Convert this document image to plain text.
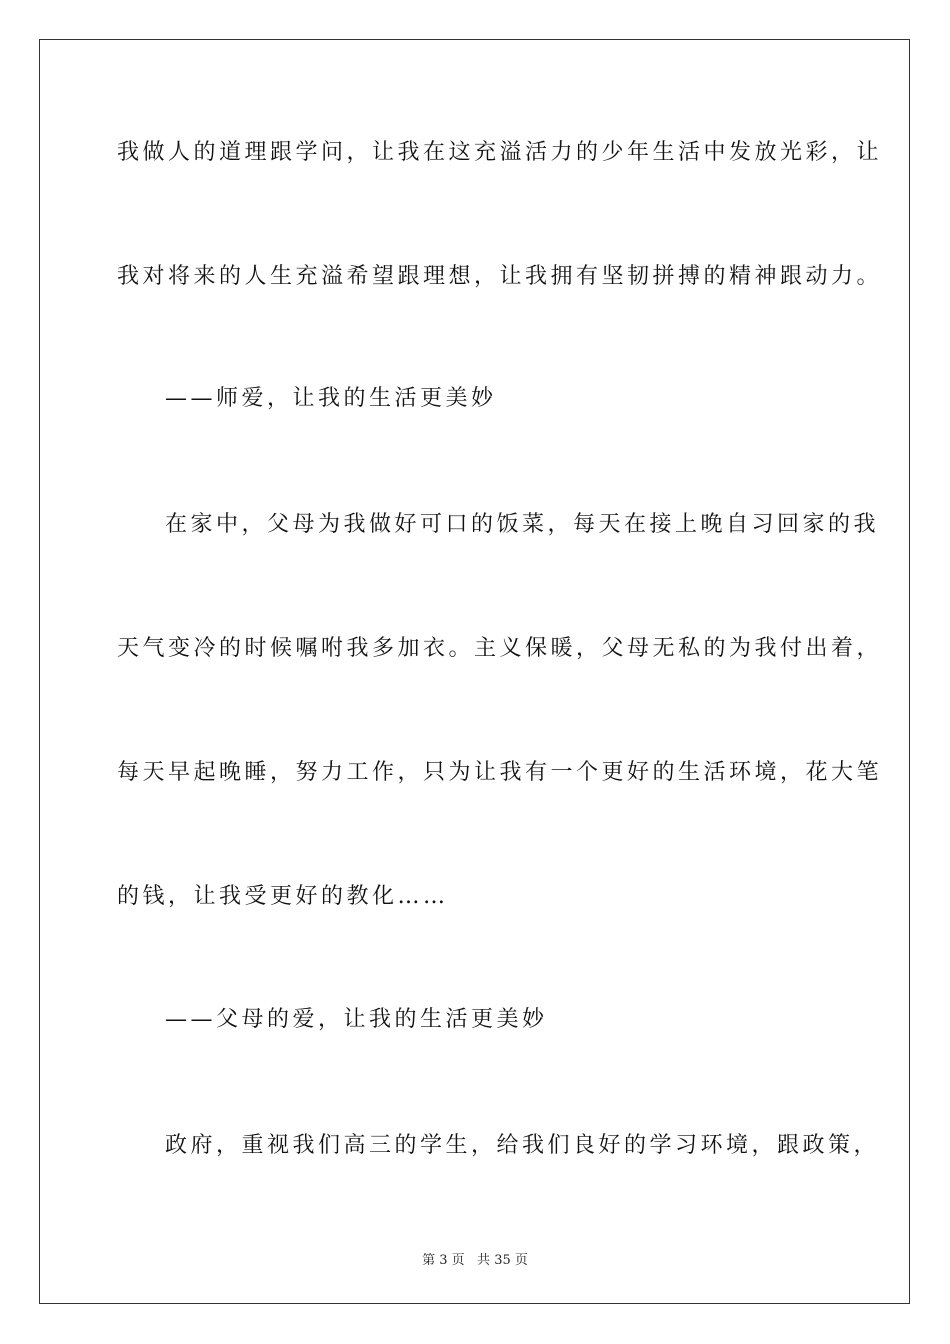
我做人的道理跟学问，让我在这充溢活力的少年生活中发放光彩，让
我对将来的人生充溢希望跟理想，让我拥有坚韧拼搏的精神跟动力。
——师爱，让我的生活更美妙
在家中，父母为我做好可口的饭菜，每天在接上晚自习回家的我
天气变冷的时候嘱咐我多加衣。主义保暖，父母无私的为我付出着，
每天早起晚睡，努力工作，只为让我有一个更好的生活环境，花大笔
的钱，让我受更好的教化……
——父母的爱，让我的生活更美妙
政府，重视我们高三的学生，给我们良好的学习环境，跟政策，
第 3 页   共 35 页
